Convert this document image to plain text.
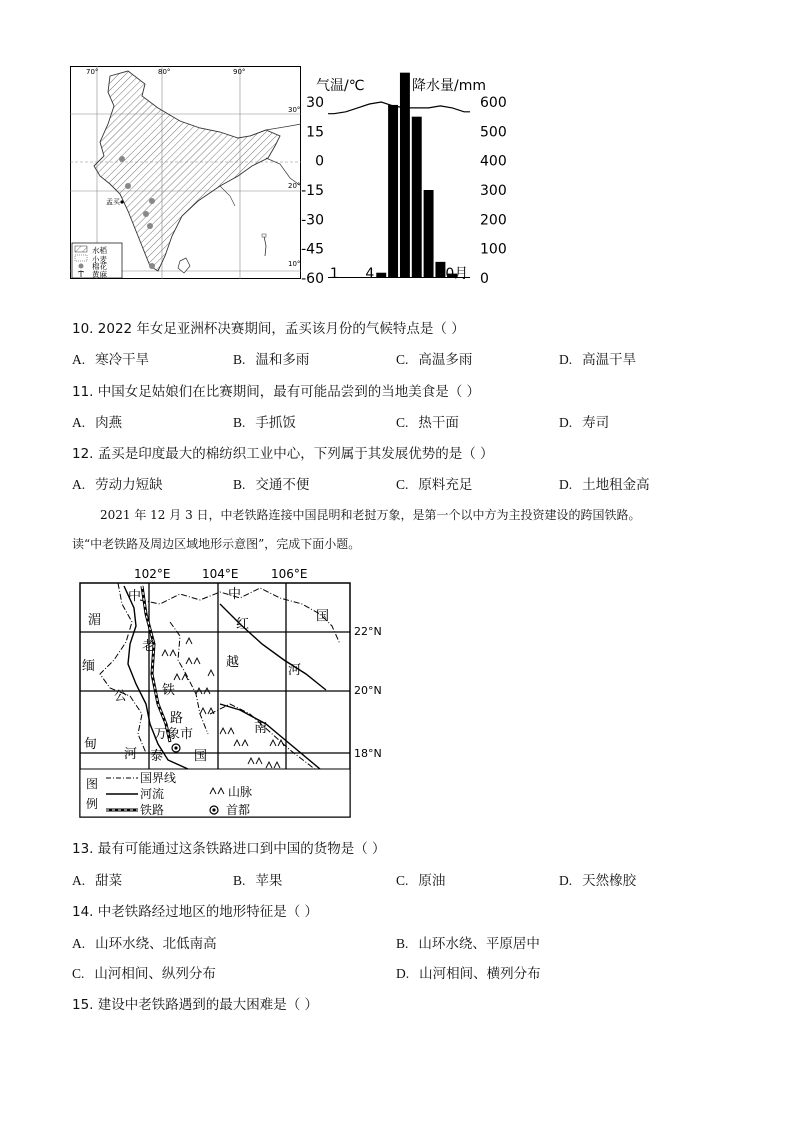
70°	80°	90°
30°
20°
10°
孟买
水稻
小麦
棉花
黄麻
气温/℃	降水量/mm
30
15
0
-15
-30
-45
-60
600
500
400
300
200
100
0
1 4 7 10月
10. 2022 年女足亚洲杯决赛期间，孟买该月份的气候特点是（ ）
A. 寒冷干旱	B. 温和多雨	C. 高温多雨	D. 高温干旱
11. 中国女足姑娘们在比赛期间，最有可能品尝到的当地美食是（ ）
A. 肉燕	B. 手抓饭	C. 热干面	D. 寿司
12. 孟买是印度最大的棉纺织工业中心，下列属于其发展优势的是（ ）
A. 劳动力短缺	B. 交通不便	C. 原料充足	D. 土地租金高
2021 年 12 月 3 日，中老铁路连接中国昆明和老挝万象，是第一个以中方为主投资建设的跨国铁路。
读“中老铁路及周边区域地形示意图”，完成下面小题。
102°E	104°E	106°E
22°N
20°N
18°N
中	中
国
湄
缅
甸
公
河
老
铁
路
红
河
越
南
泰 国
万象市
图
例
国界线
河流
铁路
山脉
首都
13. 最有可能通过这条铁路进口到中国的货物是（ ）
A. 甜菜	B. 苹果	C. 原油	D. 天然橡胶
14. 中老铁路经过地区的地形特征是（ ）
A. 山环水绕、北低南高	B. 山环水绕、平原居中
C. 山河相间、纵列分布	D. 山河相间、横列分布
15. 建设中老铁路遇到的最大困难是（ ）
